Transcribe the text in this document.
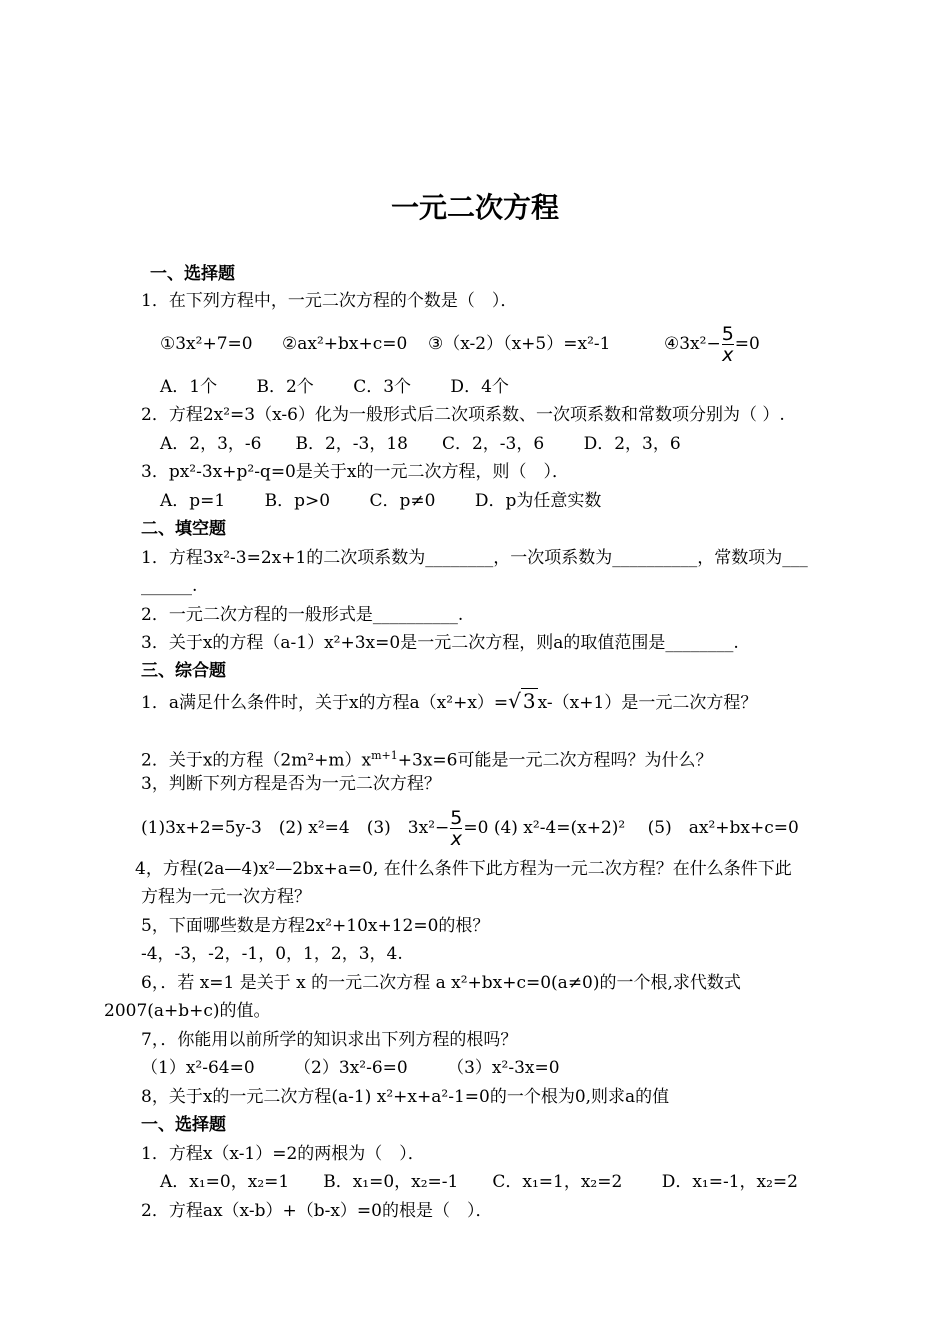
一元二次方程
一、选择题
1．在下列方程中，一元二次方程的个数是（　）．
①3x²+7=0 ②ax²+bx+c=0 ③（x-2）（x+5）=x²-1	④3x²− $\frac{5}{x} =0$
A．1个　　 B．2个　　 C．3个　　 D．4个
2．方程2x²=3（x-6）化为一般形式后二次项系数、一次项系数和常数项分别为（ ）.
A．2，3，-6　　B．2，-3，18　　C．2，-3，6　　 D．2，3，6
3．px²-3x+p²-q=0是关于x的一元二次方程，则（　）．
A．p=1　　 B．p>0　　 C．p≠0　　 D．p为任意实数
二、填空题
1．方程3x²-3=2x+1的二次项系数为________，一次项系数为__________，常数项为___
______.
2．一元二次方程的一般形式是__________.
3．关于x的方程（a-1）x²+3x=0是一元二次方程，则a的取值范围是________.
三、综合题
1．a满足什么条件时，关于x的方程a（x²+x）=√ 3 x-（x+1）是一元二次方程？
2．关于x的方程$(2m^2+m)x^{m+1}+3x=6$可能是一元二次方程吗？为什么？
3，判断下列方程是否为一元二次方程？
(1)3x+2=5y-3　(2) x²=4　(3)　$3x^2- \frac{5}{x} =0$ (4) x²-4=(x+2)²　 (5)　ax²+bx+c=0
4，方程(2a—4)x²—2bx+a=0, 在什么条件下此方程为一元二次方程？在什么条件下此
方程为一元一次方程？
5，下面哪些数是方程2x²+10x+12=0的根？
-4，-3，-2，-1，0，1，2，3，4.
6，．若 x=1 是关于 x 的一元二次方程 a x²+bx+c=0(a≠0)的一个根,求代数式
2007(a+b+c)的值。
7，．你能用以前所学的知识求出下列方程的根吗？
（1）x²-64=0　　 （2）3x²-6=0　　 （3）x²-3x=0
8，关于x的一元二次方程(a-1) x²+x+a²-1=0的一个根为0,则求a的值
一、选择题
1．方程x（x-1）=2的两根为（　）．
A．x₁=0，x₂=1　　B．x₁=0，x₂=-1　　C．x₁=1，x₂=2　　 D．x₁=-1，x₂=2
2．方程ax（x-b）+（b-x）=0的根是（　）．
